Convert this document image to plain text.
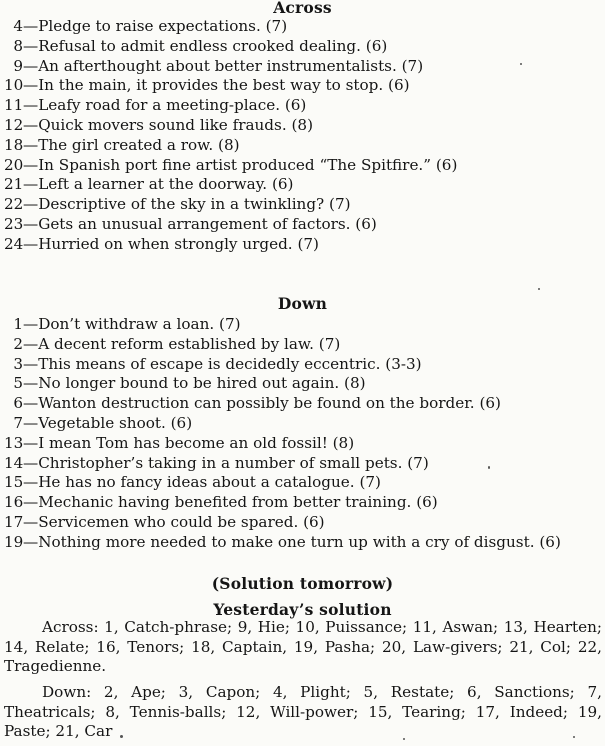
Across
4—Pledge to raise expectations. (7)
8—Refusal to admit endless crooked dealing. (6)
9—An afterthought about better instrumentalists. (7)
10—In the main, it provides the best way to stop. (6)
11—Leafy road for a meeting-place. (6)
12—Quick movers sound like frauds. (8)
18—The girl created a row. (8)
20—In Spanish port fine artist produced “The Spitfire.” (6)
21—Left a learner at the doorway. (6)
22—Descriptive of the sky in a twinkling? (7)
23—Gets an unusual arrangement of factors. (6)
24—Hurried on when strongly urged. (7)
Down
1—Don’t withdraw a loan. (7)
2—A decent reform established by law. (7)
3—This means of escape is decidedly eccentric. (3-3)
5—No longer bound to be hired out again. (8)
6—Wanton destruction can possibly be found on the border. (6)
7—Vegetable shoot. (6)
13—I mean Tom has become an old fossil! (8)
14—Christopher’s taking in a number of small pets. (7)
15—He has no fancy ideas about a catalogue. (7)
16—Mechanic having benefited from better training. (6)
17—Servicemen who could be spared. (6)
19—Nothing more needed to make one turn up with a cry of disgust. (6)
(Solution tomorrow)
Yesterday’s solution
Across: 1, Catch-phrase; 9, Hie; 10, Puissance; 11, Aswan; 13, Hearten; 14, Relate; 16, Tenors; 18, Captain, 19, Pasha; 20, Law-givers; 21, Col; 22, Tragedienne.
Down: 2, Ape; 3, Capon; 4, Plight; 5, Restate; 6, Sanctions; 7, Theatricals; 8, Tennis-balls; 12, Will-power; 15, Tearing; 17, Indeed; 19, Paste; 21, Car
